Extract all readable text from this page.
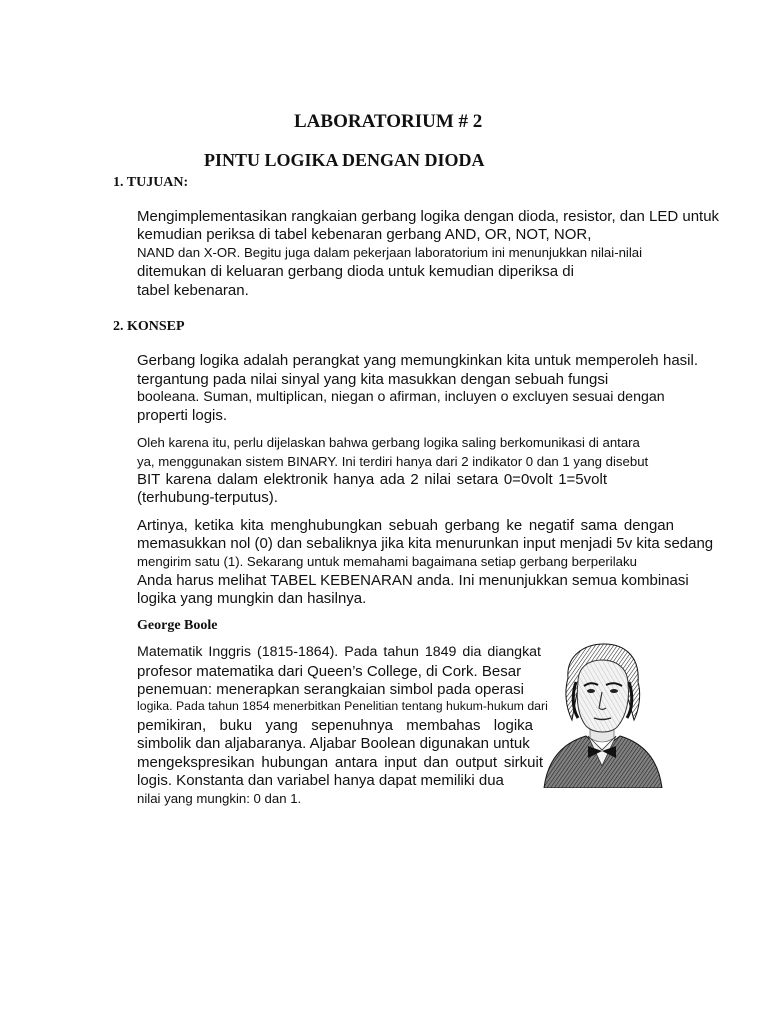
LABORATORIUM # 2
PINTU LOGIKA DENGAN DIODA
1. TUJUAN:
Mengimplementasikan rangkaian gerbang logika dengan dioda, resistor, dan LED untuk
kemudian periksa di tabel kebenaran gerbang AND, OR, NOT, NOR,
NAND dan X-OR. Begitu juga dalam pekerjaan laboratorium ini menunjukkan nilai-nilai
ditemukan di keluaran gerbang dioda untuk kemudian diperiksa di
tabel kebenaran.
2. KONSEP
Gerbang logika adalah perangkat yang memungkinkan kita untuk memperoleh hasil.
tergantung pada nilai sinyal yang kita masukkan dengan sebuah fungsi
booleana. Suman, multiplican, niegan o afirman, incluyen o excluyen sesuai dengan
properti logis.
Oleh karena itu, perlu dijelaskan bahwa gerbang logika saling berkomunikasi di antara
ya, menggunakan sistem BINARY. Ini terdiri hanya dari 2 indikator 0 dan 1 yang disebut
BIT karena dalam elektronik hanya ada 2 nilai setara 0=0volt 1=5volt
(terhubung-terputus).
Artinya, ketika kita menghubungkan sebuah gerbang ke negatif sama dengan
memasukkan nol (0) dan sebaliknya jika kita menurunkan input menjadi 5v kita sedang
mengirim satu (1). Sekarang untuk memahami bagaimana setiap gerbang berperilaku
Anda harus melihat TABEL KEBENARAN anda. Ini menunjukkan semua kombinasi
logika yang mungkin dan hasilnya.
George Boole
Matematik Inggris (1815-1864). Pada tahun 1849 dia diangkat
profesor matematika dari Queen’s College, di Cork. Besar
penemuan: menerapkan serangkaian simbol pada operasi
logika. Pada tahun 1854 menerbitkan Penelitian tentang hukum-hukum dari
pemikiran, buku yang sepenuhnya membahas logika
simbolik dan aljabaranya. Aljabar Boolean digunakan untuk
mengekspresikan hubungan antara input dan output sirkuit
logis. Konstanta dan variabel hanya dapat memiliki dua
nilai yang mungkin: 0 dan 1.
